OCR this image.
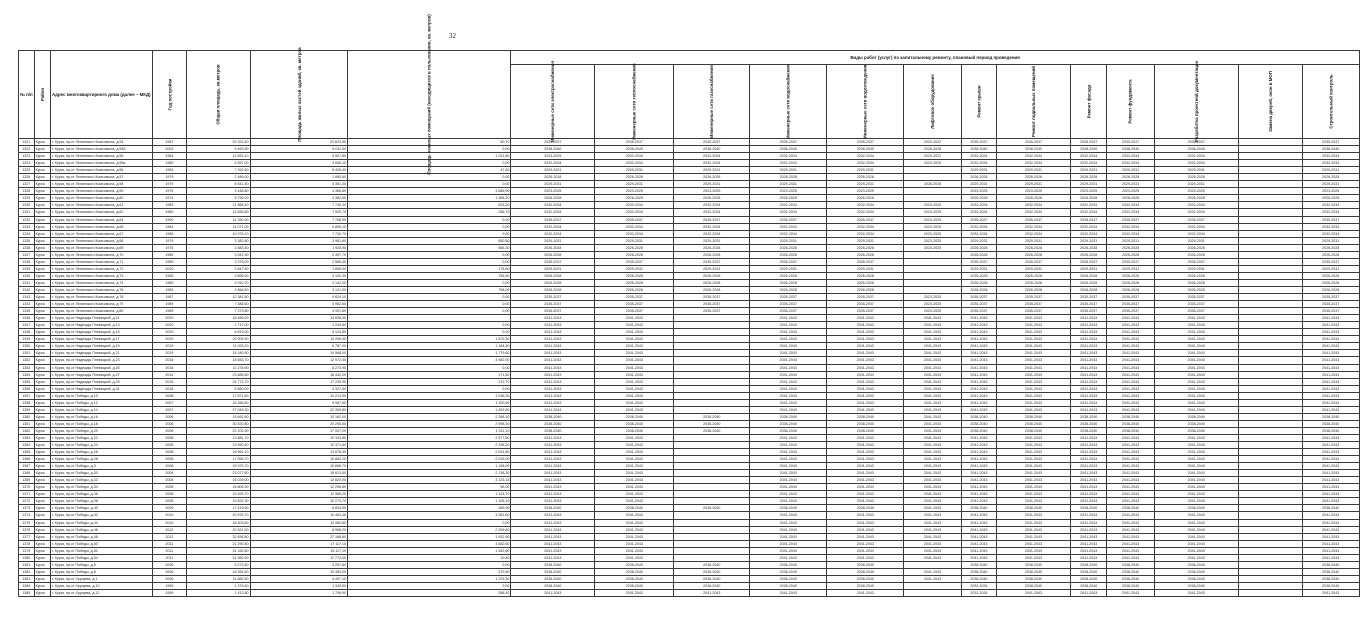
32
№ п/п	Район	Адрес многоквартирного дома (далее – МКД)	Год постройки	Общая площадь, кв.метров	Площадь жилых частей зданий, кв. метров	Площадь нежилых помещений (находящихся в пользовании, кв. метров)	Виды работ (услуг) по капитальному ремонту, плановый период проведения												
							Инженерные сети электроснабжения	Инженерные сети теплоснабжения	Инженерные сети газоснабжения	Инженерные сети водоснабжения	Инженерные сети водоотведения	Лифтовое оборудование	Ремонт крыши	Ремонт подвальных помещений	Ремонт фасада	Ремонт фундамента	Разработка проектной документации	Замена дверей, окон в МОП	Строительный контроль
1321	Курск	г. Курск, пр-кт Ленинского Комсомола, д.54	1987	29 323,40	22 623,50	80,70	2035-2037	2035-2037	2035-2037	2035-2037	2035-2037	2020-2022	2035-2037	2035-2037	2035-2037	2035-2037	2035-2037		2035-2037
1322	Курск	г. Курск, пр-кт Ленинского Комсомола, д.54б	2003	9 463,90	6 011,50	0,00	2038-2040	2038-2040	2038-2040	2038-2040	2038-2040	2026-2028	2038-2040	2038-2040	2038-2040	2038-2040	2038-2040		2038-2040
1323	Курск	г. Курск, пр-кт Ленинского Комсомола, д.55	1984	12 553,10	9 507,80	1 031,80	2023-2025	2032-2034	2032-2034	2032-2034	2032-2034	2020-2022	2032-2034	2032-2034	2032-2034	2032-2034	2032-2034		2032-2034
1324	Курск	г. Курск, пр-кт Ленинского Комсомола, д.55а	1980	4 557,00	3 646,10	0,00	2032-2034	2032-2034	2032-2034	2032-2034	2032-2034	2023-2025	2032-2034	2032-2034	2032-2034	2032-2034	2032-2034		2032-2034
1325	Курск	г. Курск, пр-кт Ленинского Комсомола, д.56	1983	7 392,60	6 426,40	47,60	2029-2031	2029-2031	2029-2031	2029-2031	2029-2031		2029-2031	2029-2031	2029-2031	2029-2031	2029-2031		2029-2031
1326	Курск	г. Курск, пр-кт Ленинского Комсомола, д.57	1979	2 489,00	1 880,60	0,00	2026-2028	2026-2028	2026-2028	2026-2028	2026-2028		2026-2028	2026-2028	2026-2028	2026-2028	2026-2028		2026-2028
1327	Курск	г. Курск, пр-кт Ленинского Комсомола, д.58	1979	6 541,40	5 381,30	0,00	2029-2031	2029-2031	2029-2031	2029-2031	2029-2031	2026-2028	2029-2031	2029-2031	2029-2031	2029-2031	2029-2031		2029-2031
1328	Курск	г. Курск, пр-кт Ленинского Комсомола, д.59	1979	3 446,80	4 366,80	3 685,90	2023-2025	2023-2025	2023-2025	2023-2025	2023-2025		2023-2025	2023-2025	2023-2025	2023-2025	2023-2025		2023-2025
1329	Курск	г. Курск, пр-кт Ленинского Комсомола, д.60	1974	5 799,00	4 382,90	1 368,20	2026-2028	2026-2028	2026-2028	2026-2028	2026-2028		2026-2028	2026-2028	2026-2028	2026-2028	2026-2028		2026-2028
1330	Курск	г. Курск, пр-кт Ленинского Комсомола, д.61	1983	21 868,40	7 745,30	523,20	2032-2034	2032-2034	2032-2034	2032-2034	2032-2034	2023-2025	2032-2034	2032-2034	2032-2034	2032-2034	2032-2034		2032-2034
1331	Курск	г. Курск, пр-кт Ленинского Комсомола, д.62	1980	11 655,80	7 520,70	256,70	2032-2034	2032-2034	2032-2034	2032-2034	2032-2034	2023-2025	2032-2034	2032-2034	2032-2034	2032-2034	2032-2034		2032-2034
1332	Курск	г. Курск, пр-кт Ленинского Комсомола, д.64	1990	11 390,90	7 708,90	0,00	2035-2037	2035-2037	2035-2037	2035-2037	2035-2037	2023-2025	2035-2037	2035-2037	2035-2037	2035-2037	2035-2037		2035-2037
1333	Курск	г. Курск, пр-кт Ленинского Комсомола, д.65	1984	11 071,00	9 895,10	0,00	2032-2034	2032-2034	2032-2034	2032-2034	2032-2034	2023-2025	2032-2034	2032-2034	2032-2034	2032-2034	2032-2034		2032-2034
1334	Курск	г. Курск, пр-кт Ленинского Комсомола, д.67	1985	10 975,10	7 730,70	0,00	2032-2034	2032-2034	2032-2034	2032-2034	2032-2034	2023-2025	2032-2034	2032-2034	2032-2034	2032-2034	2032-2034		2032-2034
1335	Курск	г. Курск, пр-кт Ленинского Комсомола, д.68	1979	3 382,80	3 981,60	650,50	2029-2031	2029-2031	2029-2031	2029-2031	2029-2031	2023-2025	2029-2031	2029-2031	2029-2031	2029-2031	2029-2031		2029-2031
1336	Курск	г. Курск, пр-кт Ленинского Комсомола, д.69	1975	2 883,40	1 925,90	565,30	2026-2028	2026-2028	2026-2028	2026-2028	2026-2028	2023-2025	2026-2028	2026-2028	2026-2028	2026-2028	2026-2028		2026-2028
1337	Курск	г. Курск, пр-кт Ленинского Комсомола, д.70	1965	3 541,90	2 397,70	0,00	2026-2028	2026-2028	2026-2028	2026-2028	2026-2028		2026-2028	2026-2028	2026-2028	2026-2028	2026-2028		2026-2028
1338	Курск	г. Курск, пр-кт Ленинского Комсомола, д.71	1989	3 375,00	2 585,40	0,00	2035-2037	2035-2037	2035-2037	2035-2037	2035-2037		2035-2037	2035-2037	2035-2037	2035-2037	2035-2037		2035-2037
1339	Курск	г. Курск, пр-кт Ленинского Комсомола, д.72	2010	3 847,60	1 896,00	178,80	2029-2031	2029-2031	2029-2031	2029-2031	2029-2031		2029-2031	2029-2031	2029-2031	2029-2031	2029-2031		2029-2031
1340	Курск	г. Курск, пр-кт Ленинского Комсомола, д.73	1965	3 855,90	3 102,30	755,50	2026-2028	2026-2028	2026-2028	2026-2028	2026-2028		2026-2028	2026-2028	2026-2028	2026-2028	2026-2028		2026-2028
1341	Курск	г. Курск, пр-кт Ленинского Комсомола, д.74	1960	3 910,70	3 142,00	0,00	2026-2028	2026-2028	2026-2028	2026-2028	2026-2028		2026-2028	2026-2028	2026-2028	2026-2028	2026-2028		2026-2028
1342	Курск	г. Курск, пр-кт Ленинского Комсомола, д.76	1983	3 864,60	3 121,00	758,00	2026-2028	2026-2028	2026-2028	2026-2028	2026-2028		2026-2028	2026-2028	2026-2028	2026-2028	2026-2028		2026-2028
1343	Курск	г. Курск, пр-кт Ленинского Комсомола, д.78	1987	12 381,80	9 624,10	0,00	2035-2037	2035-2037	2035-2037	2035-2037	2035-2037	2023-2025	2035-2037	2035-2037	2035-2037	2035-2037	2035-2037		2035-2037
1344	Курск	г. Курск, пр-кт Ленинского Комсомола, д.79	1989	7 386,60	4 962,60	0,00	2035-2037	2035-2037	2035-2037	2035-2037	2035-2037	2023-2025	2035-2037	2035-2037	2035-2037	2035-2037	2035-2037		2035-2037
1345	Курск	г. Курск, пр-кт Ленинского Комсомола, д.80	1989	7 279,80	4 901,60	0,00	2035-2037	2035-2037	2035-2037	2035-2037	2035-2037	2023-2025	2035-2037	2035-2037	2035-2037	2035-2037	2035-2037		2035-2037
1346	Курск	г. Курск, пр-кт Надежды Плевицкой, д.11	2020	18 489,00	14 638,50		2041-2043	2041-2043		2041-2043	2041-2043	2041-2043	2041-2043	2041-2043	2041-2043	2041-2043	2041-2043		2041-2043
1347	Курск	г. Курск, пр-кт Надежды Плевицкой, д.13	2020	1 712,00	1 244,80	0,00	2041-2043	2041-2043		2041-2043	2041-2043	2041-2043	2041-2043	2041-2043	2041-2043	2041-2043	2041-2043		2041-2043
1348	Курск	г. Курск, пр-кт Надежды Плевицкой, д.15	2020	6 819,00	5 124,80	0,00	2041-2043	2041-2043		2041-2043	2041-2043	2041-2043	2041-2043	2041-2043	2041-2043	2041-2043	2041-2043		2041-2043
1349	Курск	г. Курск, пр-кт Надежды Плевицкой, д.17	2020	20 004,90	14 296,30	1 879,30	2041-2043	2041-2043		2041-2043	2041-2043	2041-2043	2041-2043	2041-2043	2041-2043	2041-2043	2041-2043		2041-2043
1350	Курск	г. Курск, пр-кт Надежды Плевицкой, д.19	2019	11 093,20	6 787,00	1 184,40	2041-2043	2041-2043		2041-2043	2041-2043	2041-2043	2041-2043	2041-2043	2041-2043	2041-2043	2041-2043		2041-2043
1351	Курск	г. Курск, пр-кт Надежды Плевицкой, д.21	2019	15 180,90	10 568,00	1 779,60	2041-2043	2041-2043		2041-2043	2041-2043	2041-2043	2041-2043	2041-2043	2041-2043	2041-2043	2041-2043		2041-2043
1352	Курск	г. Курск, пр-кт Надежды Плевицкой, д.23	2018	18 653,70	12 972,40	4 982,00	2041-2043	2041-2043		2041-2043	2041-2043	2041-2043	2041-2043	2041-2043	2041-2043	2041-2043	2041-2043		2041-2043
1353	Курск	г. Курск, пр-кт Надежды Плевицкой, д.25	2018	11 278,90	8 273,90	0,00	2041-2043	2041-2043		2041-2043	2041-2043	2041-2043	2041-2043	2041-2043	2041-2043	2041-2043	2041-2043		2041-2043
1354	Курск	г. Курск, пр-кт Надежды Плевицкой, д.27	2014	23 885,80	18 442,00	171,50	2041-2043	2041-2043		2041-2043	2041-2043	2041-2043	2041-2043	2041-2043	2041-2043	2041-2043	2041-2043		2041-2043
1355	Курск	г. Курск, пр-кт Надежды Плевицкой, д.29	2016	24 773,70	17 235,90	212,70	2041-2043	2041-2043		2041-2043	2041-2043	2041-2043	2041-2043	2041-2043	2041-2043	2041-2043	2041-2043		2041-2043
1356	Курск	г. Курск, пр-кт Надежды Плевицкой, д.31	2016	5 660,00	4 327,50	0,00	2041-2043	2041-2043		2041-2043	2041-2043	2041-2043	2041-2043	2041-2043	2041-2043	2041-2043	2041-2043		2041-2043
1357	Курск	г. Курск, пр-кт Победы, д.10	2008	17 871,60	10 213,50	3 036,30	2041-2043	2041-2043		2041-2043	2041-2043	2041-2043	2041-2043	2041-2043	2041-2043	2041-2043	2041-2043		2041-2043
1358	Курск	г. Курск, пр-кт Победы, д.12	2007	16 266,80	9 987,60	1 150,60	2041-2043	2041-2043		2041-2043	2041-2043	2041-2043	2041-2043	2041-2043	2041-2043	2041-2043	2041-2043		2041-2043
1359	Курск	г. Курск, пр-кт Победы, д.14	2007	27 045,30	22 350,80	1 452,80	2041-2043	2041-2043		2041-2043	2041-2043	2041-2043	2041-2043	2041-2043	2041-2043	2041-2043	2041-2043		2041-2043
1360	Курск	г. Курск, пр-кт Победы, д.16	2006	15 692,80	10 162,00	2 288,10	2038-2040	2038-2040	2038-2040	2038-2040	2038-2040	2041-2043	2038-2040	2038-2040	2038-2040	2038-2040	2038-2040		2038-2040
1361	Курск	г. Курск, пр-кт Победы, д.18	2006	30 520,80	20 295,50	2 998,20	2038-2040	2038-2040	2038-2040	2038-2040	2038-2040	2041-2043	2038-2040	2038-2040	2038-2040	2038-2040	2038-2040		2038-2040
1362	Курск	г. Курск, пр-кт Победы, д.20	2006	22 102,90	17 007,20	1 011,10	2038-2040	2038-2040	2038-2040	2038-2040	2038-2040	2041-2043	2038-2040	2038-2040	2038-2040	2038-2040	2038-2040		2038-2040
1363	Курск	г. Курск, пр-кт Победы, д.22	2008	13 881,70	10 343,80	2 577,50	2041-2043	2041-2043		2041-2043	2041-2043	2041-2043	2041-2043	2041-2043	2041-2043	2041-2043	2041-2043		2041-2043
1364	Курск	г. Курск, пр-кт Победы, д.24	2008	23 550,40	10 371,60	2 338,20	2041-2043	2041-2043		2041-2043	2041-2043	2041-2043	2041-2043	2041-2043	2041-2043	2041-2043	2041-2043		2041-2043
1365	Курск	г. Курск, пр-кт Победы, д.26	2008	16 962,10	13 678,40	2 631,80	2041-2043	2041-2043		2041-2043	2041-2043	2041-2043	2041-2043	2041-2043	2041-2043	2041-2043	2041-2043		2041-2043
1366	Курск	г. Курск, пр-кт Победы, д.28	2008	17 695,70	10 864,20	2 015,00	2041-2043	2041-2043		2041-2043	2041-2043	2041-2043	2041-2043	2041-2043	2041-2043	2041-2043	2041-2043		2041-2043
1367	Курск	г. Курск, пр-кт Победы, д.3	2008	15 979,70	10 668,70	1 158,00	2041-2043	2041-2043		2041-2043	2041-2043	2041-2043	2041-2043	2041-2043	2041-2043	2041-2043	2041-2043		2041-2043
1368	Курск	г. Курск, пр-кт Победы, д.30	2008	23 077,60	16 613,50	2 138,30	2041-2043	2041-2043		2041-2043	2041-2043	2041-2043	2041-2043	2041-2043	2041-2043	2041-2043	2041-2043		2041-2043
1369	Курск	г. Курск, пр-кт Победы, д.32	2008	16 029,00	12 820,00	3 123,15	2041-2043	2041-2043		2041-2043	2041-2043	2041-2043	2041-2043	2041-2043	2041-2043	2041-2043	2041-2043		2041-2043
1370	Курск	г. Курск, пр-кт Победы, д.34	2008	16 806,90	12 296,80	56,00	2041-2043	2041-2043		2041-2043	2041-2043	2041-2043	2041-2043	2041-2043	2041-2043	2041-2043	2041-2043		2041-2043
1371	Курск	г. Курск, пр-кт Победы, д.36	2008	15 925,70	12 565,20	1 124,70	2041-2043	2041-2043		2041-2043	2041-2043	2041-2043	2041-2043	2041-2043	2041-2043	2041-2043	2041-2043		2041-2043
1372	Курск	г. Курск, пр-кт Победы, д.38	2008	15 822,30	10 273,70	1 106,10	2041-2043	2041-2043		2041-2043	2041-2043	2041-2043	2041-2043	2041-2043	2041-2043	2041-2043	2041-2043		2041-2043
1373	Курск	г. Курск, пр-кт Победы, д.40	2009	17 419,60	8 834,90	269,90	2038-2040	2038-2040	2038-2040	2038-2040	2038-2040	2041-2043	2038-2040	2038-2040	2038-2040	2038-2040	2038-2040		2038-2040
1374	Курск	г. Курск, пр-кт Победы, д.42	2010	20 976,70	10 463,40	3 381,60	2041-2043	2041-2043		2041-2043	2041-2043	2041-2043	2041-2043	2041-2043	2041-2043	2041-2043	2041-2043		2041-2043
1375	Курск	г. Курск, пр-кт Победы, д.44	2010	18 303,60	14 080,80	0,00	2041-2043	2041-2043		2041-2043	2041-2043	2041-2043	2041-2043	2041-2043	2041-2043	2041-2043	2041-2043		2041-2043
1376	Курск	г. Курск, пр-кт Победы, д.46	2012	20 521,50	8 998,20	2 209,80	2041-2043	2041-2043		2041-2043	2041-2043	2041-2043	2041-2043	2041-2043	2041-2043	2041-2043	2041-2043		2041-2043
1377	Курск	г. Курск, пр-кт Победы, д.48	2012	32 836,80	27 166,80	1 932,90	2041-2043	2041-2043		2041-2043	2041-2043	2041-2043	2041-2043	2041-2043	2041-2043	2041-2043	2041-2043		2041-2043
1378	Курск	г. Курск, пр-кт Победы, д.50	2011	21 290,80	17 117,10	4 582,60	2041-2043	2041-2043		2041-2043	2041-2043	2041-2043	2041-2043	2041-2043	2041-2043	2041-2043	2041-2043		2041-2043
1379	Курск	г. Курск, пр-кт Победы, д.52	2011	31 162,60	15 117,10	1 542,60	2041-2043	2041-2043		2041-2043	2041-2043	2041-2043	2041-2043	2041-2043	2041-2043	2041-2043	2041-2043		2041-2043
1380	Курск	г. Курск, пр-кт Победы, д.54	2011	21 560,50	17 773,00	10,80	2041-2043	2041-2043		2041-2043	2041-2043	2041-2043	2041-2043	2041-2043	2041-2043	2041-2043	2041-2043		2041-2043
1381	Курск	г. Курск, пр-кт Победы, д.6	2006	5 273,50	4 257,80	0,00	2038-2040	2038-2040	2038-2040	2038-2040	2038-2040		2038-2040	2038-2040	2038-2040	2038-2040	2038-2040		2038-2040
1382	Курск	г. Курск, пр-кт Победы, д.8	2006	16 954,60	15 383,00	579,50	2038-2040	2038-2040	2038-2040	2038-2040	2038-2040	2041-2043	2038-2040	2038-2040	2038-2040	2038-2040	2038-2040		2038-2040
1383	Курск	г. Курск, пр-кт Хрущева, д.1	2006	11 882,50	9 497,10	1 229,30	2038-2040	2038-2040	2038-2040	2038-2040	2038-2040	2041-2043	2038-2040	2038-2040	2038-2040	2038-2040	2038-2040		2038-2040
1384	Курск	г. Курск, пр-кт Хрущева, д.10	1959	1 379,40	1 340,60	0,00	2038-2040	2038-2040	2038-2040	2038-2040	2038-2040		2032-2034	2038-2040	2038-2040	2038-2040	2038-2040		2038-2040
1385	Курск	г. Курск, пр-кт Хрущева, д.12	1959	1 412,80	1 706,90	288,40	2041-2043	2041-2043	2041-2043	2041-2043	2041-2043		2032-2034	2041-2043	2041-2043	2041-2043	2041-2043		2041-2043
